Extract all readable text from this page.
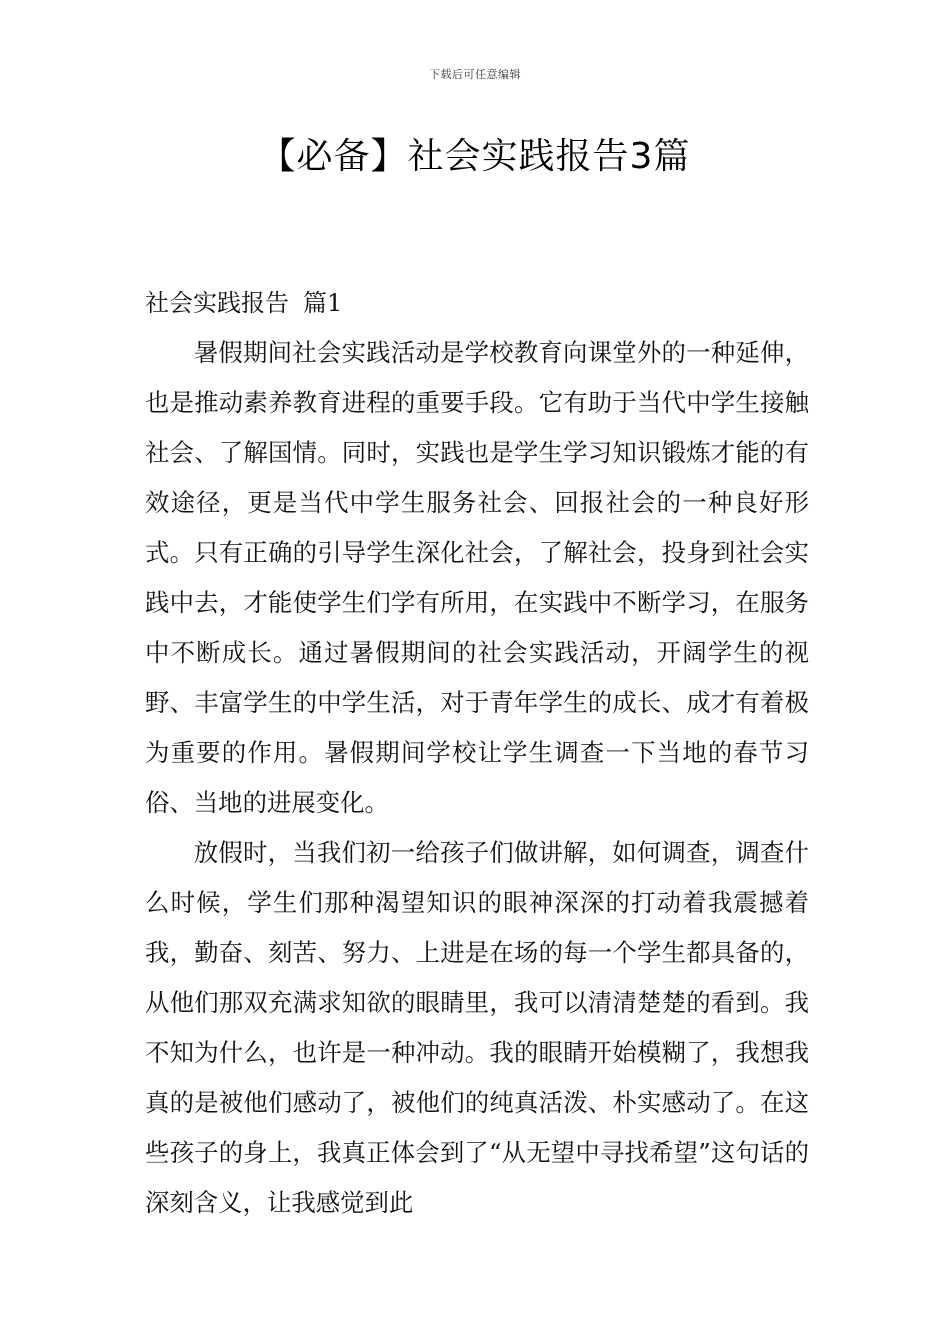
下载后可任意编辑
【必备】社会实践报告3篇
社会实践报告 篇1

暑假期间社会实践活动是学校教育向课堂外的一种延伸，也是推动素养教育进程的重要手段。它有助于当代中学生接触社会、了解国情。同时，实践也是学生学习知识锻炼才能的有效途径，更是当代中学生服务社会、回报社会的一种良好形式。只有正确的引导学生深化社会，了解社会，投身到社会实践中去，才能使学生们学有所用，在实践中不断学习，在服务中不断成长。通过暑假期间的社会实践活动，开阔学生的视野、丰富学生的中学生活，对于青年学生的成长、成才有着极为重要的作用。暑假期间学校让学生调查一下当地的春节习俗、当地的进展变化。

放假时，当我们初一给孩子们做讲解，如何调查，调查什么时候，学生们那种渴望知识的眼神深深的打动着我震撼着我，勤奋、刻苦、努力、上进是在场的每一个学生都具备的，从他们那双充满求知欲的眼睛里，我可以清清楚楚的看到。我不知为什么，也许是一种冲动。我的眼睛开始模糊了，我想我真的是被他们感动了，被他们的纯真活泼、朴实感动了。在这些孩子的身上，我真正体会到了“从无望中寻找希望”这句话的深刻含义，让我感觉到此
